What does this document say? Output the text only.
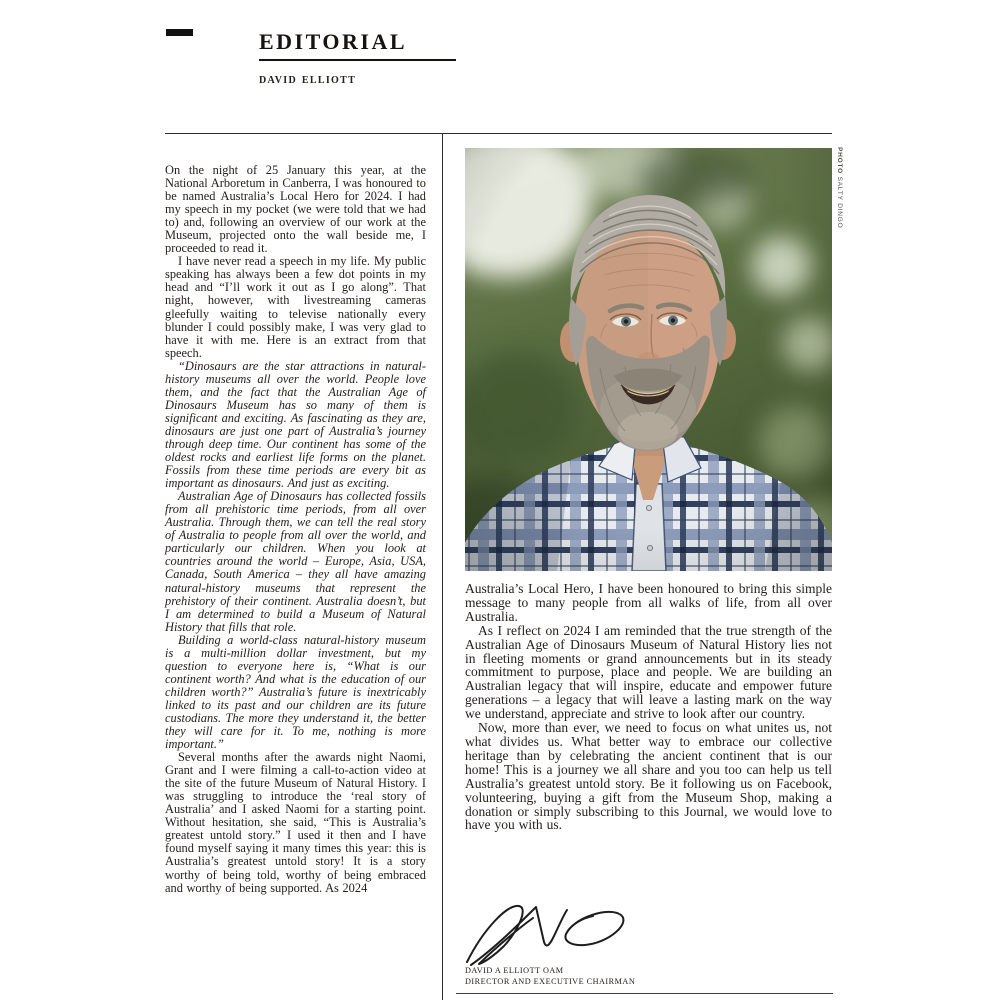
editorial
david elliott

On the night of 25 January this year, at the National Arboretum in Canberra, I was honoured to be named Australia’s Local Hero for 2024. I had my speech in my pocket (we were told that we had to) and, following an overview of our work at the Museum, projected onto the wall beside me, I proceeded to read it.

I have never read a speech in my life. My public speaking has always been a few dot points in my head and “I’ll work it out as I go along”. That night, however, with livestreaming cameras gleefully waiting to televise nationally every blunder I could possibly make, I was very glad to have it with me. Here is an extract from that speech.

“Dinosaurs are the star attractions in natural-history museums all over the world. People love them, and the fact that the Australian Age of Dinosaurs Museum has so many of them is significant and exciting. As fascinating as they are, dinosaurs are just one part of Australia’s journey through deep time. Our continent has some of the oldest rocks and earliest life forms on the planet. Fossils from these time periods are every bit as important as dinosaurs. And just as exciting.

Australian Age of Dinosaurs has collected fossils from all prehistoric time periods, from all over Australia. Through them, we can tell the real story of Australia to people from all over the world, and particularly our children. When you look at countries around the world – Europe, Asia, USA, Canada, South America – they all have amazing natural-history museums that represent the prehistory of their continent. Australia doesn’t, but I am determined to build a Museum of Natural History that fills that role.

Building a world-class natural-history museum is a multi-million dollar investment, but my question to everyone here is, “What is our continent worth? And what is the education of our children worth?” Australia’s future is inextricably linked to its past and our children are its future custodians. The more they understand it, the better they will care for it. To me, nothing is more important.”

Several months after the awards night Naomi, Grant and I were filming a call-to-action video at the site of the future Museum of Natural History. I was struggling to introduce the ‘real story of Australia’ and I asked Naomi for a starting point. Without hesitation, she said, “This is Australia’s greatest untold story.” I used it then and I have found myself saying it many times this year: this is Australia’s greatest untold story! It is a story worthy of being told, worthy of being embraced and worthy of being supported. As 2024

PHOTO SALTY DINGO

Australia’s Local Hero, I have been honoured to bring this simple message to many people from all walks of life, from all over Australia.

As I reflect on 2024 I am reminded that the true strength of the Australian Age of Dinosaurs Museum of Natural History lies not in fleeting moments or grand announcements but in its steady commitment to purpose, place and people. We are building an Australian legacy that will inspire, educate and empower future generations – a legacy that will leave a lasting mark on the way we understand, appreciate and strive to look after our country.

Now, more than ever, we need to focus on what unites us, not what divides us. What better way to embrace our collective heritage than by celebrating the ancient continent that is our home! This is a journey we all share and you too can help us tell Australia’s greatest untold story. Be it following us on Facebook, volunteering, buying a gift from the Museum Shop, making a donation or simply subscribing to this Journal, we would love to have you with us.

DAVID A ELLIOTT OAM
DIRECTOR AND EXECUTIVE CHAIRMAN
